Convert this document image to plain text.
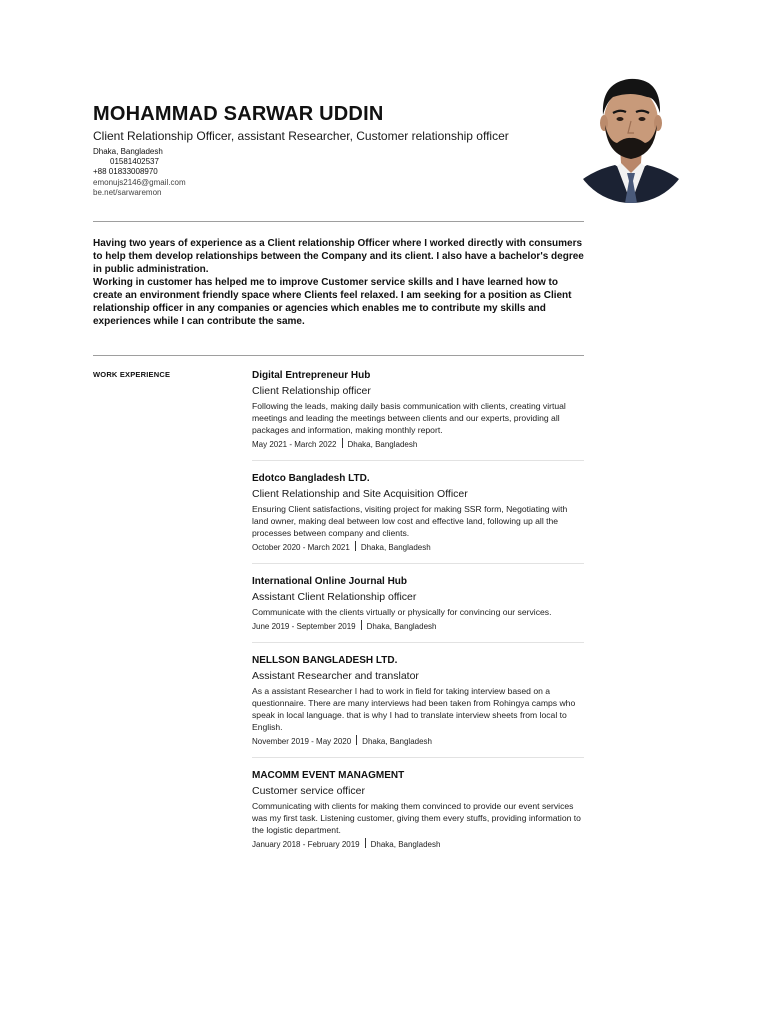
MOHAMMAD SARWAR UDDIN
Client Relationship Officer, assistant Researcher, Customer relationship officer
Dhaka, Bangladesh
01581402537
+88 01833008970
emonujs2146@gmail.com
be.net/sarwaremon

Having two years of experience as a Client relationship Officer where I worked directly with consumers to help them develop relationships between the Company and its client. I also have a bachelor's degree in public administration.

Working in customer has helped me to improve Customer service skills and I have learned how to create an environment friendly space where Clients feel relaxed. I am seeking for a position as Client relationship officer in any companies or agencies which enables me to contribute my skills and experiences while I can contribute the same.

WORK EXPERIENCE	Digital Entrepreneur Hub
Client Relationship officer
Following the leads, making daily basis communication with clients, creating virtual meetings and leading the meetings between clients and our experts, providing all packages and information, making monthly report.
May 2021 - March 2022 Dhaka, Bangladesh
Edotco Bangladesh LTD.
Client Relationship and Site Acquisition Officer
Ensuring Client satisfactions, visiting project for making SSR form, Negotiating with land owner, making deal between low cost and effective land, following up all the processes between company and clients.
October 2020 - March 2021 Dhaka, Bangladesh
International Online Journal Hub
Assistant Client Relationship officer
Communicate with the clients virtually or physically for convincing our services.
June 2019 - September 2019 Dhaka, Bangladesh
NELLSON BANGLADESH LTD.
Assistant Researcher and translator
As a assistant Researcher I had to work in field for taking interview based on a questionnaire. There are many interviews had been taken from Rohingya camps who speak in local language. that is why I had to translate interview sheets from local to English.
November 2019 - May 2020 Dhaka, Bangladesh
MACOMM EVENT MANAGMENT
Customer service officer
Communicating with clients for making them convinced to provide our event services was my first task. Listening customer, giving them every stuffs, providing information to the logistic department.
January 2018 - February 2019 Dhaka, Bangladesh
